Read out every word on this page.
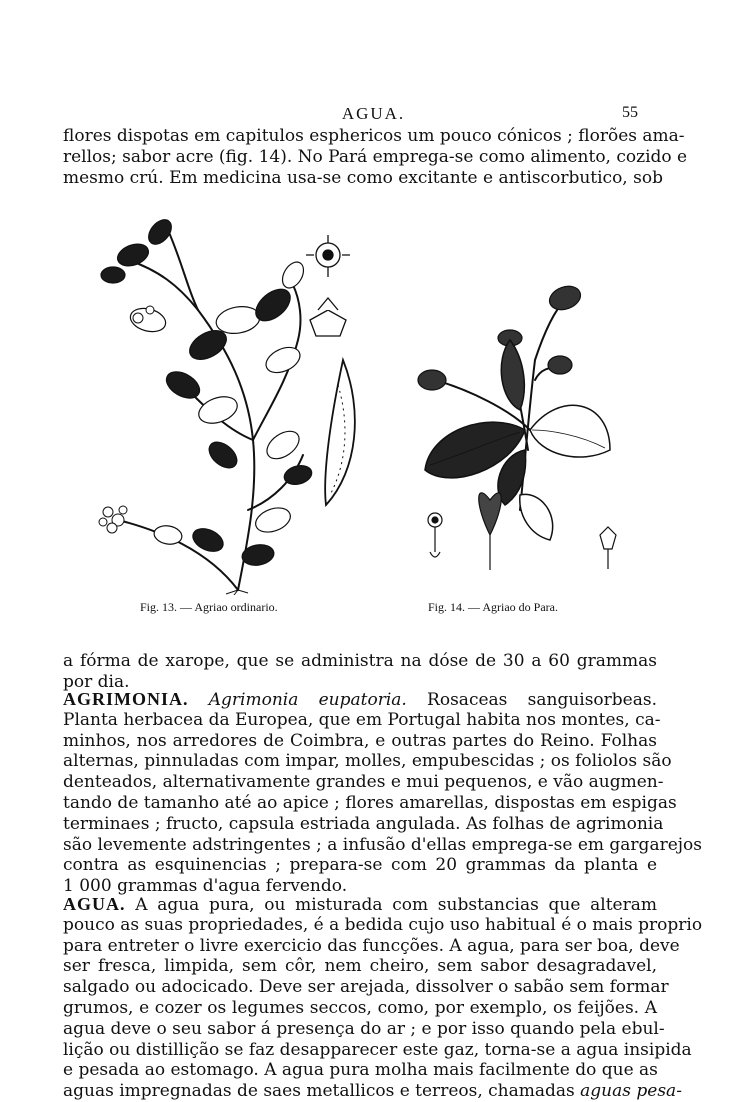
AGUA.	55
flores dispotas em capitulos esphericos um pouco cónicos ; florões ama-
rellos; sabor acre (fig. 14). No Pará emprega-se como alimento, cozido e
mesmo crú. Em medicina usa-se como excitante e antiscorbutico, sob
Fig. 13. — Agriao ordinario.	Fig. 14. — Agriao do Para.
a fórma de xarope, que se administra na dóse de 30 a 60 grammas
por dia.
AGRIMONIA. Agrimonia eupatoria. Rosaceas sanguisorbeas.
Planta herbacea da Europea, que em Portugal habita nos montes, ca-
minhos, nos arredores de Coimbra, e outras partes do Reino. Folhas
alternas, pinnuladas com impar, molles, empubescidas ; os foliolos são
denteados, alternativamente grandes e mui pequenos, e vão augmen-
tando de tamanho até ao apice ; flores amarellas, dispostas em espigas
terminaes ; fructo, capsula estriada angulada. As folhas de agrimonia
são levemente adstringentes ; a infusão d'ellas emprega-se em gargarejos
contra as esquinencias ; prepara-se com 20 grammas da planta e
1 000 grammas d'agua fervendo.
AGUA. A agua pura, ou misturada com substancias que alteram
pouco as suas propriedades, é a bedida cujo uso habitual é o mais proprio
para entreter o livre exercicio das funcções. A agua, para ser boa, deve
ser fresca, limpida, sem côr, nem cheiro, sem sabor desagradavel,
salgado ou adocicado. Deve ser arejada, dissolver o sabão sem formar
grumos, e cozer os legumes seccos, como, por exemplo, os feijões. A
agua deve o seu sabor á presença do ar ; e por isso quando pela ebul-
lição ou distillição se faz desapparecer este gaz, torna-se a agua insipida
e pesada ao estomago. A agua pura molha mais facilmente do que as
aguas impregnadas de saes metallicos e terreos, chamadas aguas pesa-
